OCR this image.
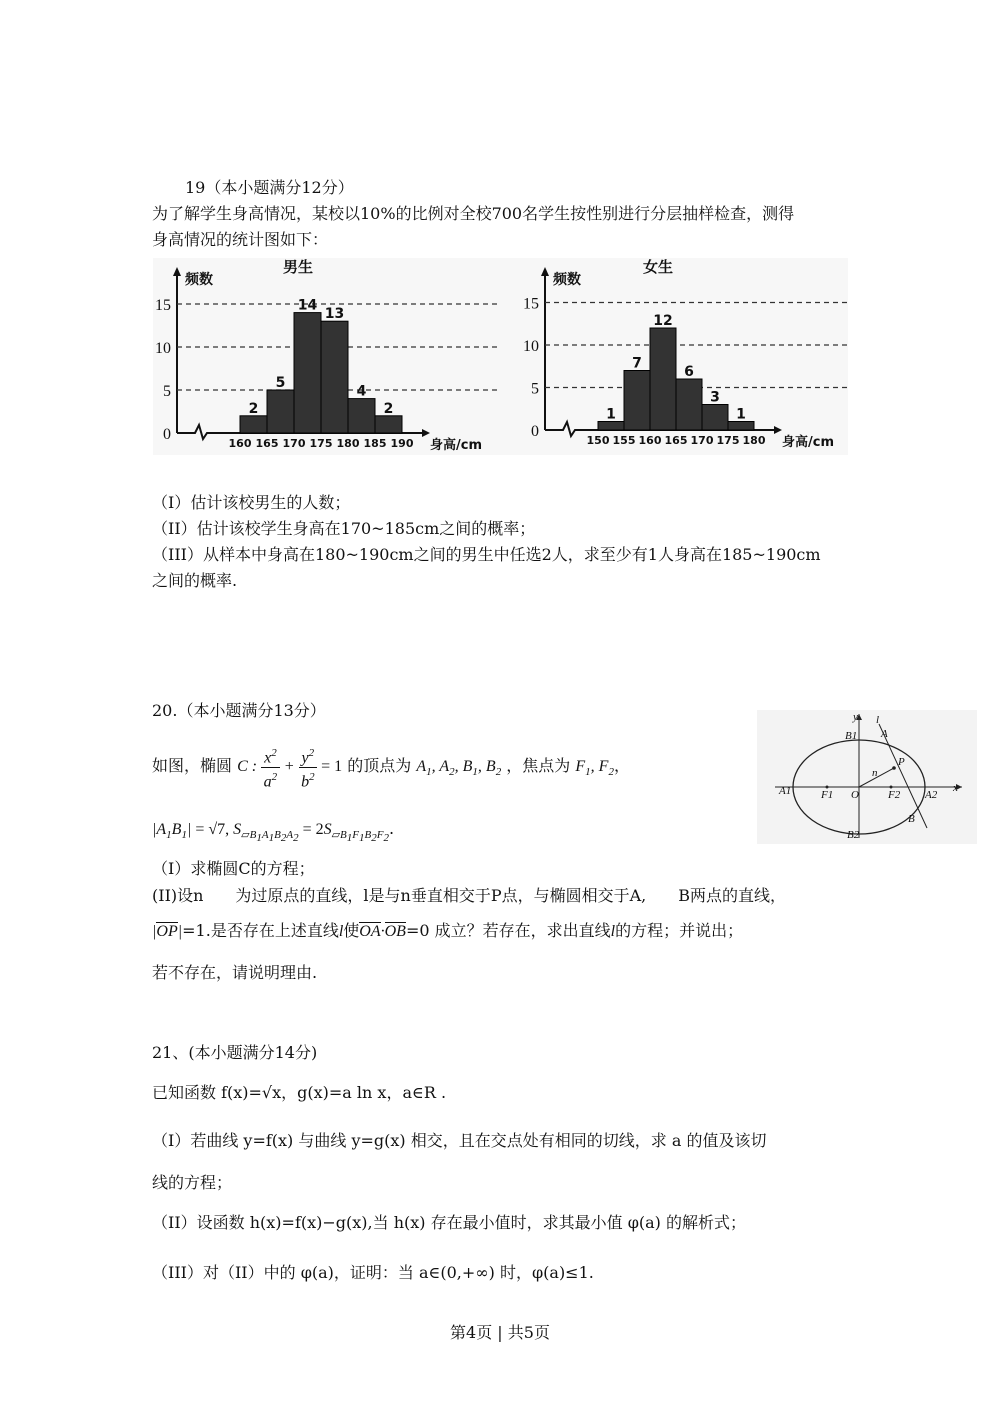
19（本小题满分12分）
为了解学生身高情况，某校以10%的比例对全校700名学生按性别进行分层抽样检查，测得
身高情况的统计图如下：
男生
频数
身高/cm
0
5
10
15
2
5
14
13
4
2
160 165 170 175 180 185 190
女生
频数
身高/cm
0
5
10
15
1
7
12
6
3
1
150 155 160 165 170 175 180
（I）估计该校男生的人数；
（II）估计该校学生身高在170~185cm之间的概率；
（III）从样本中身高在180~190cm之间的男生中任选2人，求至少有1人身高在185~190cm
之间的概率.
20.（本小题满分13分）
如图，椭圆 C : $\frac{x^2}{a^2} + \frac{y^2}{b^2} = 1$ 的顶点为 $A_1$, $A_2$, $B_1$, $B_2$ ，焦点为 $F_1$, $F_2$，
$|A_1B_1| = √7$, $S_{▱B_1A_1B_2A_2} = 2S_{▱B_1F_1B_2F_2}$.
（I）求椭圆C的方程；
(II)设n　　为过原点的直线，l是与n垂直相交于P点，与椭圆相交于A,　　B两点的直线，
|OP|=1.是否存在上述直线l使OA·OB=0 成立？若存在，求出直线l的方程；并说出；
若不存在，请说明理由.
y l
B1 A
P
n
A1	F1 O	F2 A2
x
B
B2
21、(本小题满分14分)
已知函数 f(x)=√x，g(x)=a ln x，a∈R .
（I）若曲线 y=f(x) 与曲线 y=g(x) 相交，且在交点处有相同的切线，求 a 的值及该切
线的方程；
（II）设函数 h(x)=f(x)−g(x),当 h(x) 存在最小值时，求其最小值 φ(a) 的解析式；
（III）对（II）中的 φ(a)，证明：当 a∈(0,+∞) 时，φ(a)≤1.
第4页 | 共5页
